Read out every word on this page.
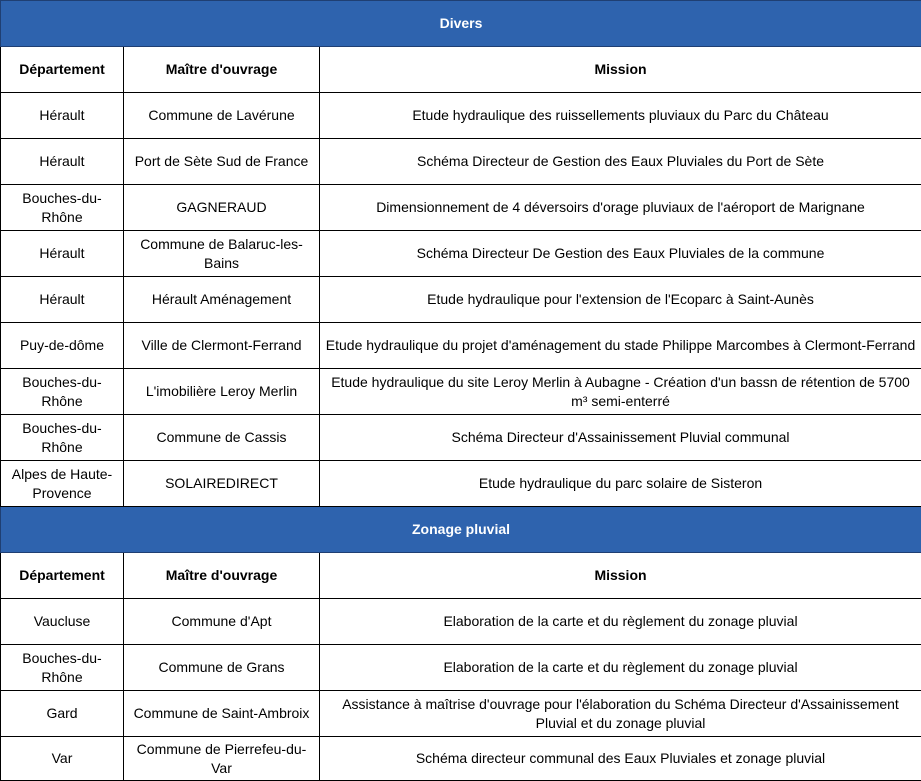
Divers		
Département	Maître d'ouvrage	Mission
Hérault	Commune de Lavérune	Etude hydraulique des ruissellements pluviaux du Parc du Château
Hérault	Port de Sète Sud de France	Schéma Directeur de Gestion des Eaux Pluviales du Port de Sète
Bouches-du-Rhône	GAGNERAUD	Dimensionnement de 4 déversoirs d'orage pluviaux de l'aéroport de Marignane
Hérault	Commune de Balaruc-les-Bains	Schéma Directeur De Gestion des Eaux Pluviales de la commune
Hérault	Hérault Aménagement	Etude hydraulique pour l'extension de l'Ecoparc à Saint-Aunès
Puy-de-dôme	Ville de Clermont-Ferrand	Etude hydraulique du projet d'aménagement du stade Philippe Marcombes à Clermont-Ferrand
Bouches-du-Rhône	L'imobilière Leroy Merlin	Etude hydraulique du site Leroy Merlin à Aubagne - Création d'un bassn de rétention de 5700 m³ semi-enterré
Bouches-du-Rhône	Commune de Cassis	Schéma Directeur d'Assainissement Pluvial communal
Alpes de Haute-Provence	SOLAIREDIRECT	Etude hydraulique du parc solaire de Sisteron
Zonage pluvial		
Département	Maître d'ouvrage	Mission
Vaucluse	Commune d'Apt	Elaboration de la carte et du règlement du zonage pluvial
Bouches-du-Rhône	Commune de Grans	Elaboration de la carte et du règlement du zonage pluvial
Gard	Commune de Saint-Ambroix	Assistance à maîtrise d'ouvrage pour l'élaboration du Schéma Directeur d'Assainissement Pluvial et du zonage pluvial
Var	Commune de Pierrefeu-du-Var	Schéma directeur communal des Eaux Pluviales et zonage pluvial
